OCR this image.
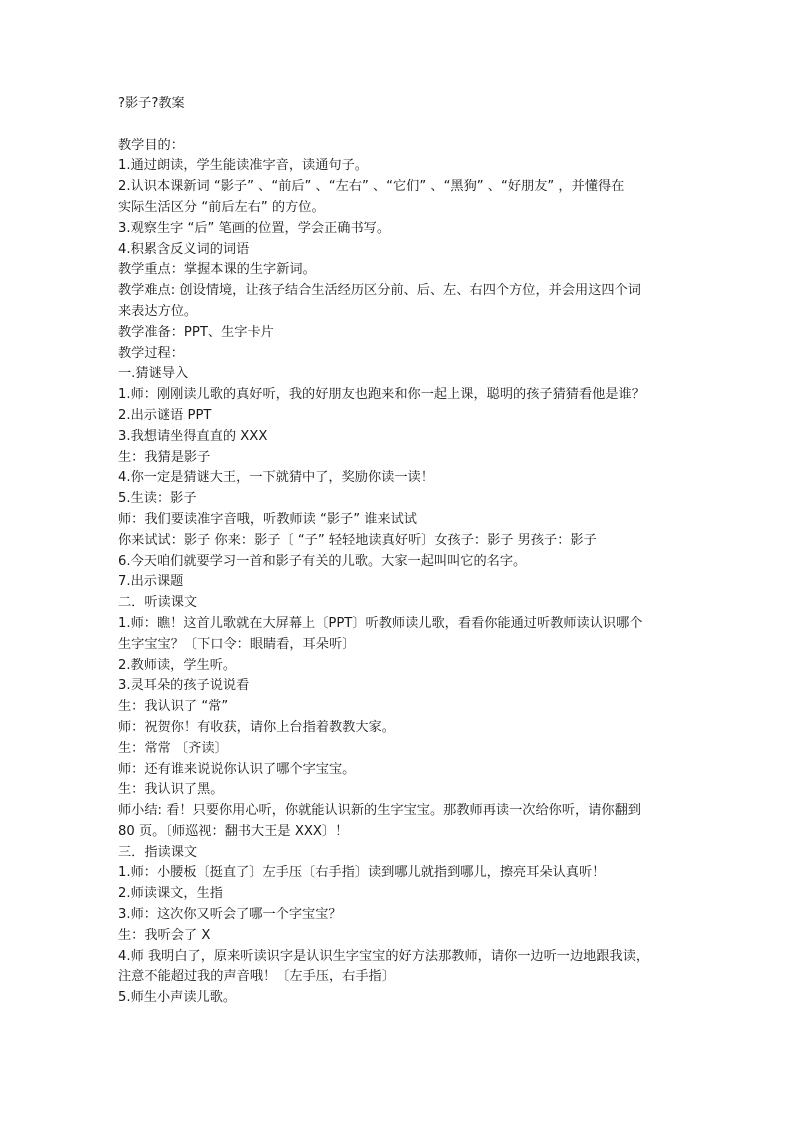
?影子?教案
教学目的：
1.通过朗读，学生能读准字音，读通句子。
2.认识本课新词 “影子” 、“前后” 、“左右” 、“它们” 、“黑狗” 、“好朋友” ，并懂得在
实际生活区分 “前后左右” 的方位。
3.观察生字 “后” 笔画的位置，学会正确书写。
4.积累含反义词的词语
教学重点：掌握本课的生字新词。
教学难点: 创设情境，让孩子结合生活经历区分前、后、左、右四个方位，并会用这四个词
来表达方位。
教学准备：PPT、生字卡片
教学过程：
一.猜谜导入
1.师：刚刚读儿歌的真好听，我的好朋友也跑来和你一起上课，聪明的孩子猜猜看他是谁？
2.出示谜语 PPT
3.我想请坐得直直的 XXX
生：我猜是影子
4.你一定是猜谜大王，一下就猜中了，奖励你读一读！
5.生读：影子
师：我们要读准字音哦，听教师读 “影子” 谁来试试
你来试试：影子 你来：影子〔 “子” 轻轻地读真好听〕女孩子：影子 男孩子：影子
6.今天咱们就要学习一首和影子有关的儿歌。大家一起叫叫它的名字。
7.出示课题
二．听读课文
1.师：瞧！这首儿歌就在大屏幕上〔PPT〕听教师读儿歌，看看你能通过听教师读认识哪个
生字宝宝？〔下口令：眼睛看，耳朵听〕
2.教师读，学生听。
3.灵耳朵的孩子说说看
生：我认识了 “常”
师：祝贺你！有收获，请你上台指着教教大家。
生：常常 〔齐读〕
师：还有谁来说说你认识了哪个字宝宝。
生：我认识了黑。
师小结: 看！只要你用心听，你就能认识新的生字宝宝。那教师再读一次给你听，请你翻到
80 页。〔师巡视：翻书大王是 XXX〕！
三．指读课文
1.师：小腰板〔挺直了〕左手压〔右手指〕读到哪儿就指到哪儿，擦亮耳朵认真听！
2.师读课文，生指
3.师：这次你又听会了哪一个字宝宝？
生：我听会了 X
4.师 我明白了，原来听读识字是认识生字宝宝的好方法那教师，请你一边听一边地跟我读，
注意不能超过我的声音哦！〔左手压，右手指〕
5.师生小声读儿歌。
